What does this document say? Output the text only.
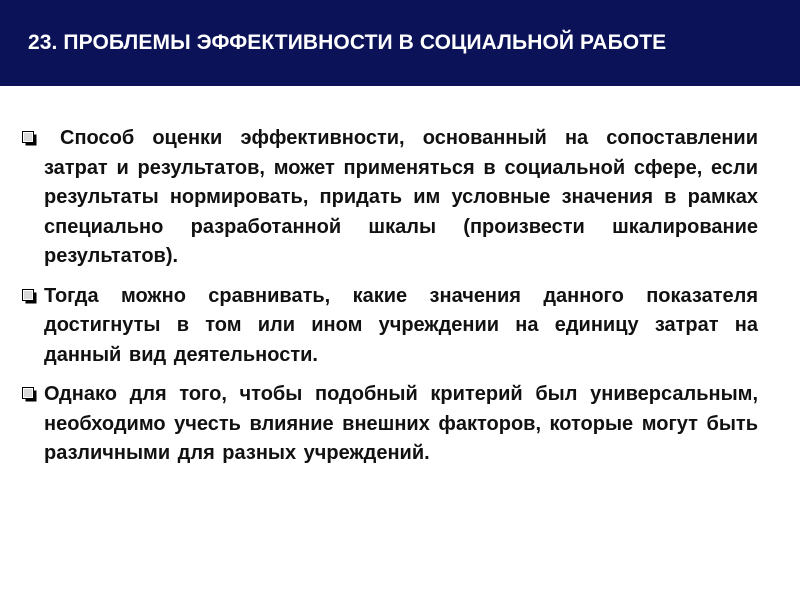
23. ПРОБЛЕМЫ ЭФФЕКТИВНОСТИ В СОЦИАЛЬНОЙ РАБОТЕ
Способ оценки эффективности, основанный на сопоставлении затрат и результатов, может применяться в социальной сфере, если результаты нормировать, придать им условные значения в рамках специально разработанной шкалы (произвести шкалирование результатов).
Тогда можно сравнивать, какие значения данного показателя достигнуты в том или ином учреждении на единицу затрат на данный вид деятельности.
Однако для того, чтобы подобный критерий был универсальным, необходимо учесть влияние внешних факторов, которые могут быть различными для разных учреждений.
